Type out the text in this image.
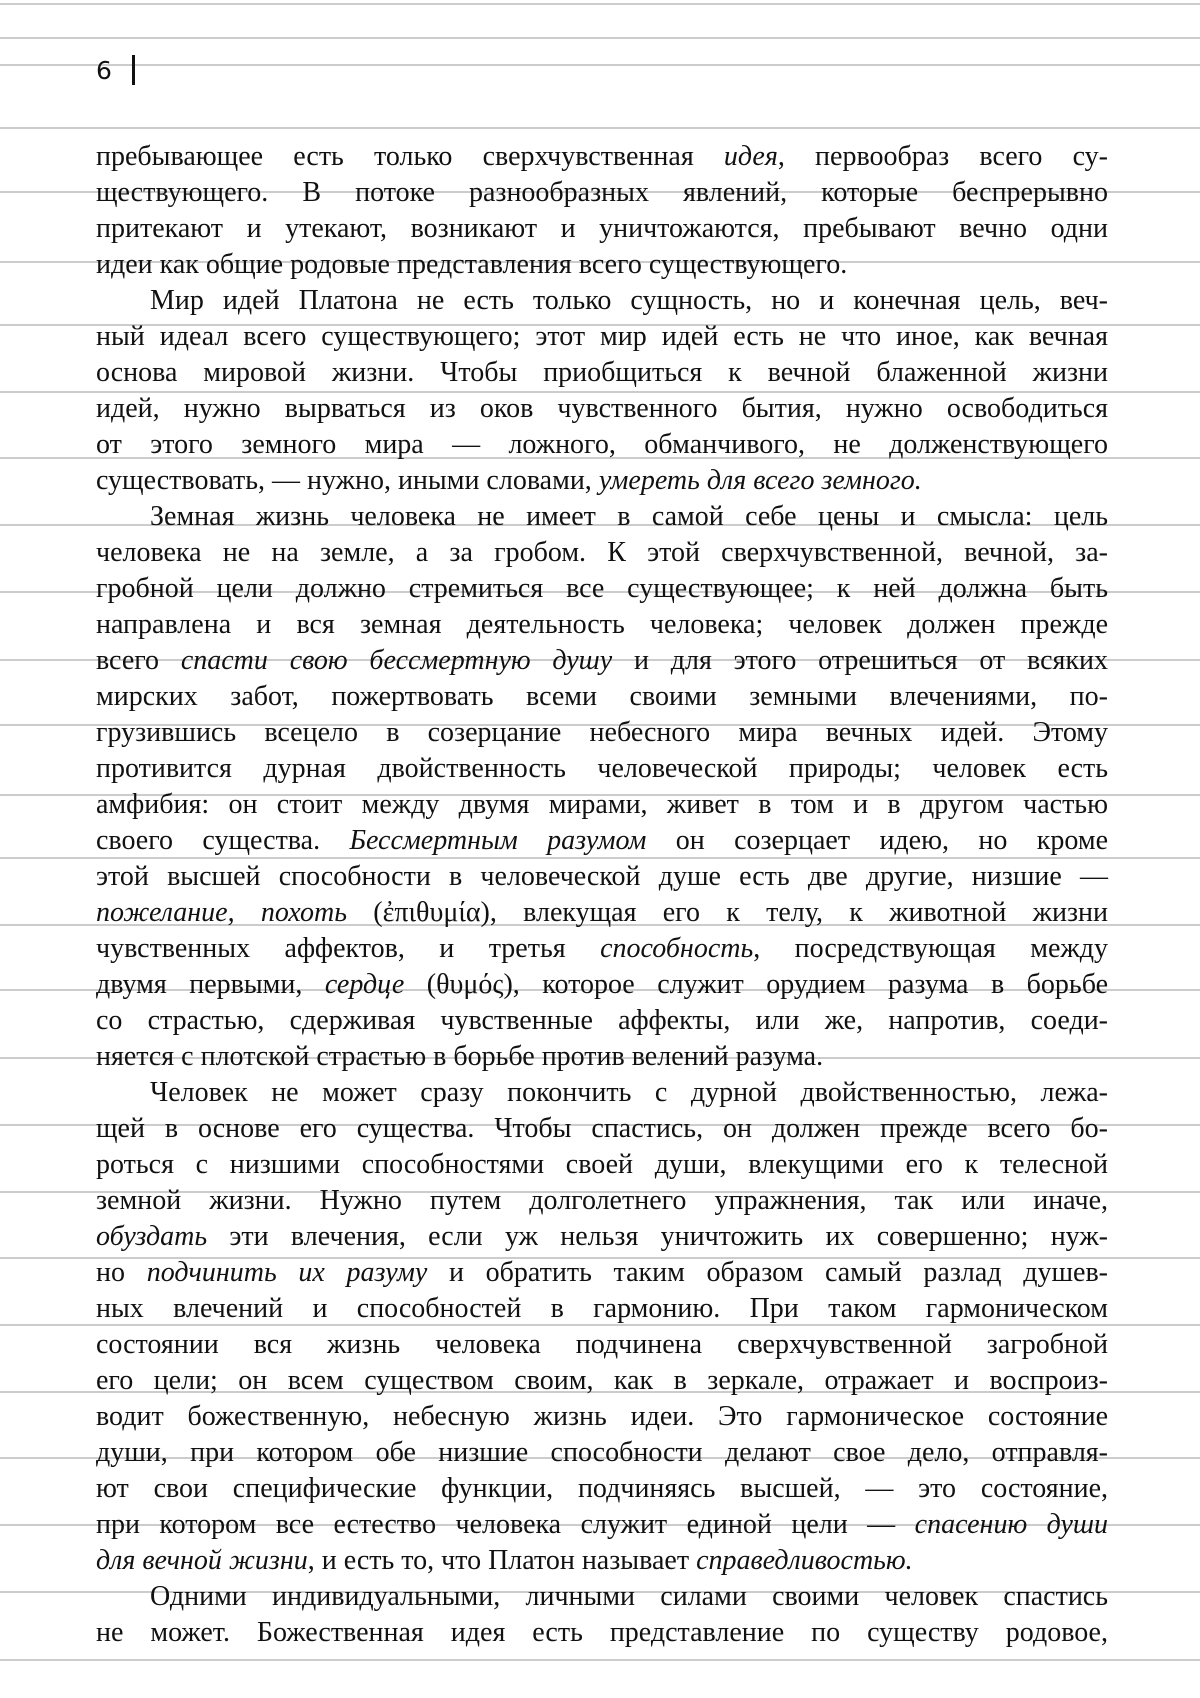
6

пребывающее есть только сверхчувственная идея, первообраз всего су-
ществующего. В потоке разнообразных явлений, которые беспрерывно
притекают и утекают, возникают и уничтожаются, пребывают вечно одни
идеи как общие родовые представления всего существующего.

Мир идей Платона не есть только сущность, но и конечная цель, веч-
ный идеал всего существующего; этот мир идей есть не что иное, как вечная
основа мировой жизни. Чтобы приобщиться к вечной блаженной жизни
идей, нужно вырваться из оков чувственного бытия, нужно освободиться
от этого земного мира — ложного, обманчивого, не долженствующего
существовать, — нужно, иными словами, умереть для всего земного.

Земная жизнь человека не имеет в самой себе цены и смысла: цель
человека не на земле, а за гробом. К этой сверхчувственной, вечной, за-
гробной цели должно стремиться все существующее; к ней должна быть
направлена и вся земная деятельность человека; человек должен прежде
всего спасти свою бессмертную душу и для этого отрешиться от всяких
мирских забот, пожертвовать всеми своими земными влечениями, по-
грузившись всецело в созерцание небесного мира вечных идей. Этому
противится дурная двойственность человеческой природы; человек есть
амфибия: он стоит между двумя мирами, живет в том и в другом частью
своего существа. Бессмертным разумом он созерцает идею, но кроме
этой высшей способности в человеческой душе есть две другие, низшие —
пожелание, похоть (ἐπιθυμία), влекущая его к телу, к животной жизни
чувственных аффектов, и третья способность, посредствующая между
двумя первыми, сердце (θυμός), которое служит орудием разума в борьбе
со страстью, сдерживая чувственные аффекты, или же, напротив, соеди-
няется с плотской страстью в борьбе против велений разума.

Человек не может сразу покончить с дурной двойственностью, лежа-
щей в основе его существа. Чтобы спастись, он должен прежде всего бо-
роться с низшими способностями своей души, влекущими его к телесной
земной жизни. Нужно путем долголетнего упражнения, так или иначе,
обуздать эти влечения, если уж нельзя уничтожить их совершенно; нуж-
но подчинить их разуму и обратить таким образом самый разлад душев-
ных влечений и способностей в гармонию. При таком гармоническом
состоянии вся жизнь человека подчинена сверхчувственной загробной
его цели; он всем существом своим, как в зеркале, отражает и воспроиз-
водит божественную, небесную жизнь идеи. Это гармоническое состояние
души, при котором обе низшие способности делают свое дело, отправля-
ют свои специфические функции, подчиняясь высшей, — это состояние,
при котором все естество человека служит единой цели — спасению души
для вечной жизни, и есть то, что Платон называет справедливостью.

Одними индивидуальными, личными силами своими человек спастись
не может. Божественная идея есть представление по существу родовое,
